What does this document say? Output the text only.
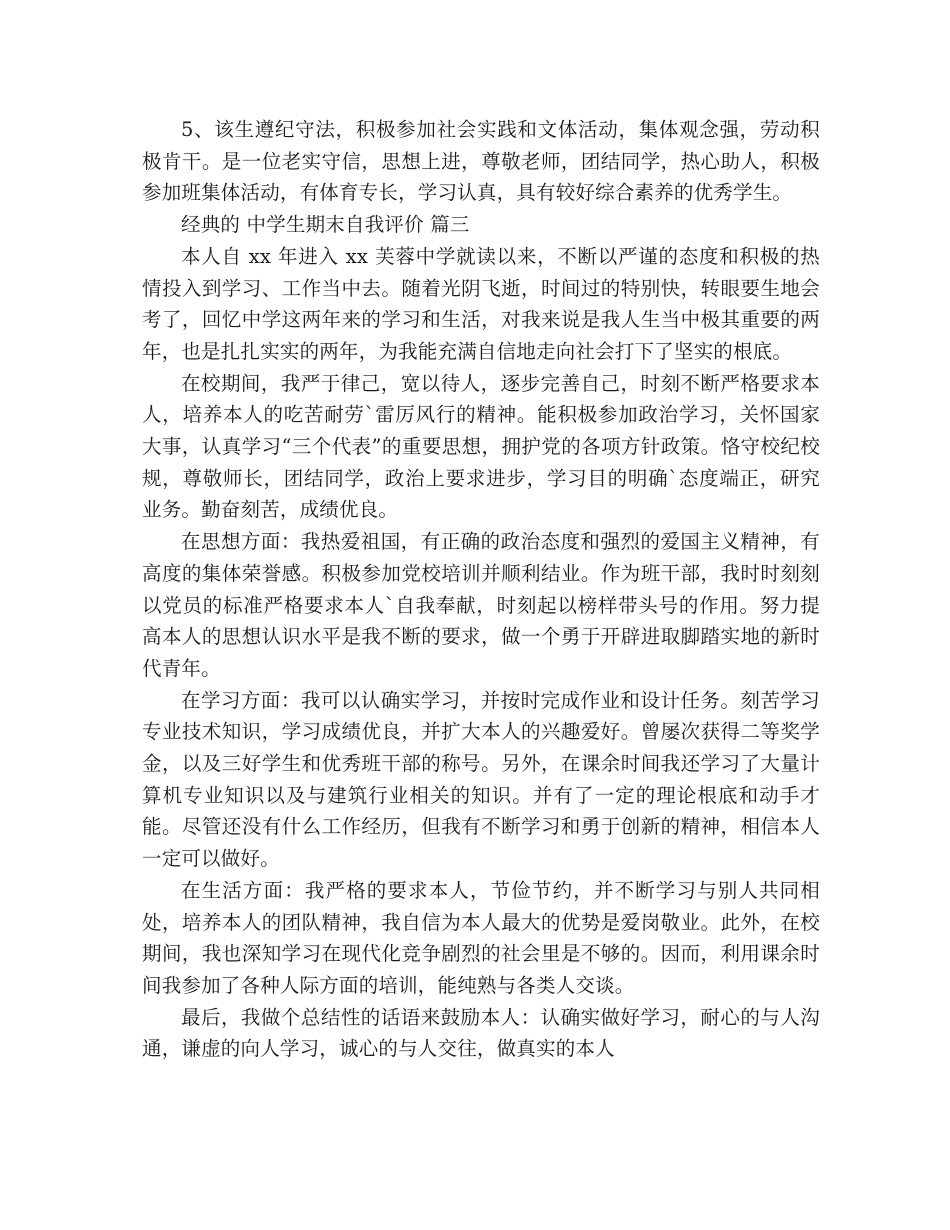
5、该生遵纪守法，积极参加社会实践和文体活动，集体观念强，劳动积极肯干。是一位老实守信，思想上进，尊敬老师，团结同学，热心助人，积极参加班集体活动，有体育专长，学习认真，具有较好综合素养的优秀学生。

经典的 中学生期末自我评价 篇三

本人自 xx 年进入 xx 芙蓉中学就读以来，不断以严谨的态度和积极的热情投入到学习、工作当中去。随着光阴飞逝，时间过的特别快，转眼要生地会考了，回忆中学这两年来的学习和生活，对我来说是我人生当中极其重要的两年，也是扎扎实实的两年，为我能充满自信地走向社会打下了坚实的根底。

在校期间，我严于律己，宽以待人，逐步完善自己，时刻不断严格要求本人，培养本人的吃苦耐劳`雷厉风行的精神。能积极参加政治学习，关怀国家大事，认真学习“三个代表”的重要思想，拥护党的各项方针政策。恪守校纪校规，尊敬师长，团结同学，政治上要求进步，学习目的明确`态度端正，研究业务。勤奋刻苦，成绩优良。

在思想方面：我热爱祖国，有正确的政治态度和强烈的爱国主义精神，有高度的集体荣誉感。积极参加党校培训并顺利结业。作为班干部，我时时刻刻以党员的标准严格要求本人`自我奉献，时刻起以榜样带头号的作用。努力提高本人的思想认识水平是我不断的要求，做一个勇于开辟进取脚踏实地的新时代青年。

在学习方面：我可以认确实学习，并按时完成作业和设计任务。刻苦学习专业技术知识，学习成绩优良，并扩大本人的兴趣爱好。曾屡次获得二等奖学金，以及三好学生和优秀班干部的称号。另外，在课余时间我还学习了大量计算机专业知识以及与建筑行业相关的知识。并有了一定的理论根底和动手才能。尽管还没有什么工作经历，但我有不断学习和勇于创新的精神，相信本人一定可以做好。

在生活方面：我严格的要求本人，节俭节约，并不断学习与别人共同相处，培养本人的团队精神，我自信为本人最大的优势是爱岗敬业。此外，在校期间，我也深知学习在现代化竞争剧烈的社会里是不够的。因而，利用课余时间我参加了各种人际方面的培训，能纯熟与各类人交谈。

最后，我做个总结性的话语来鼓励本人：认确实做好学习，耐心的与人沟通，谦虚的向人学习，诚心的与人交往，做真实的本人
